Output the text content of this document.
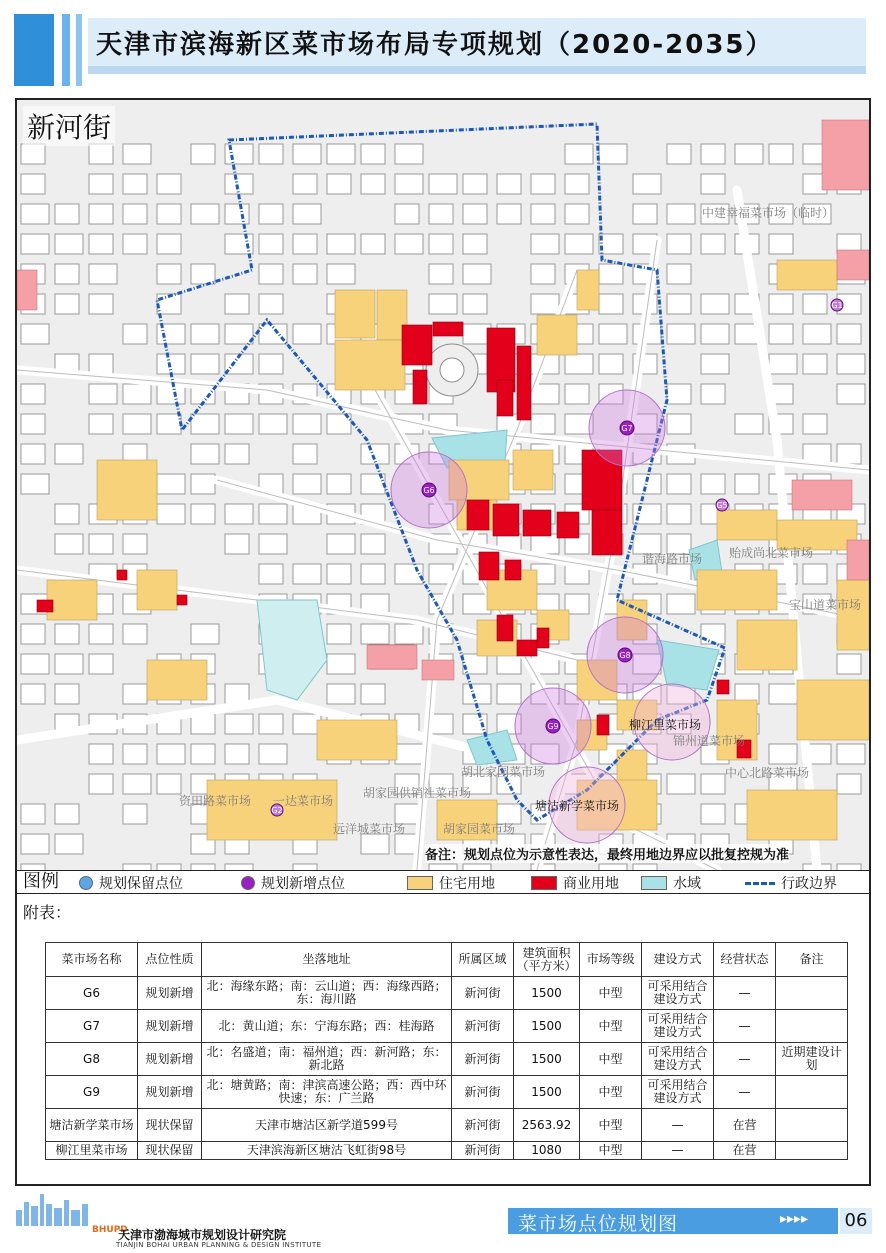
天津市滨海新区菜市场布局专项规划（2020-2035）
G6
G7
G8
G9
G5
G2
G1
新河街
中建幸福菜市场（临时）
谐海路市场 贻成尚北菜市场
宝山道菜市场
柳江里菜市场
锦州道菜市场
中心北路菜市场
胡北家园菜市场
塘沽新学菜市场
资田路菜市场 一达菜市场
胡家园供销社菜市场
远洋城菜市场	胡家园菜市场
备注：规划点位为示意性表达，最终用地边界应以批复控规为准
图例	规划保留点位	规划新增点位	住宅用地	商业用地	水域	行政边界
附表：
菜市场名称	点位性质	坐落地址	所属区域	建筑面积（平方米）	市场等级	建设方式	经营状态	备注
G6	规划新增	北：海缘东路；南：云山道；西：海缘西路；东：海川路	新河街	1500	中型	可采用结合建设方式	—	
G7	规划新增	北：黄山道；东：宁海东路；西：桂海路	新河街	1500	中型	可采用结合建设方式	—	
G8	规划新增	北：名盛道；南：福州道；西：新河路；东：新北路	新河街	1500	中型	可采用结合建设方式	—	近期建设计划
G9	规划新增	北：塘黄路；南：津滨高速公路；西：西中环快速；东：广兰路	新河街	1500	中型	可采用结合建设方式	—	
塘沽新学菜市场	现状保留	天津市塘沽区新学道599号	新河街	2563.92	中型	—	在营	
柳江里菜市场	现状保留	天津滨海新区塘沽飞虹街98号	新河街	1080	中型	—	在营	
BHUPD
天津市渤海城市规划设计研究院
TIANJIN BOHAI URBAN PLANNING & DESIGN INSTITUTE
菜市场点位规划图	▸▸▸▸ 06
